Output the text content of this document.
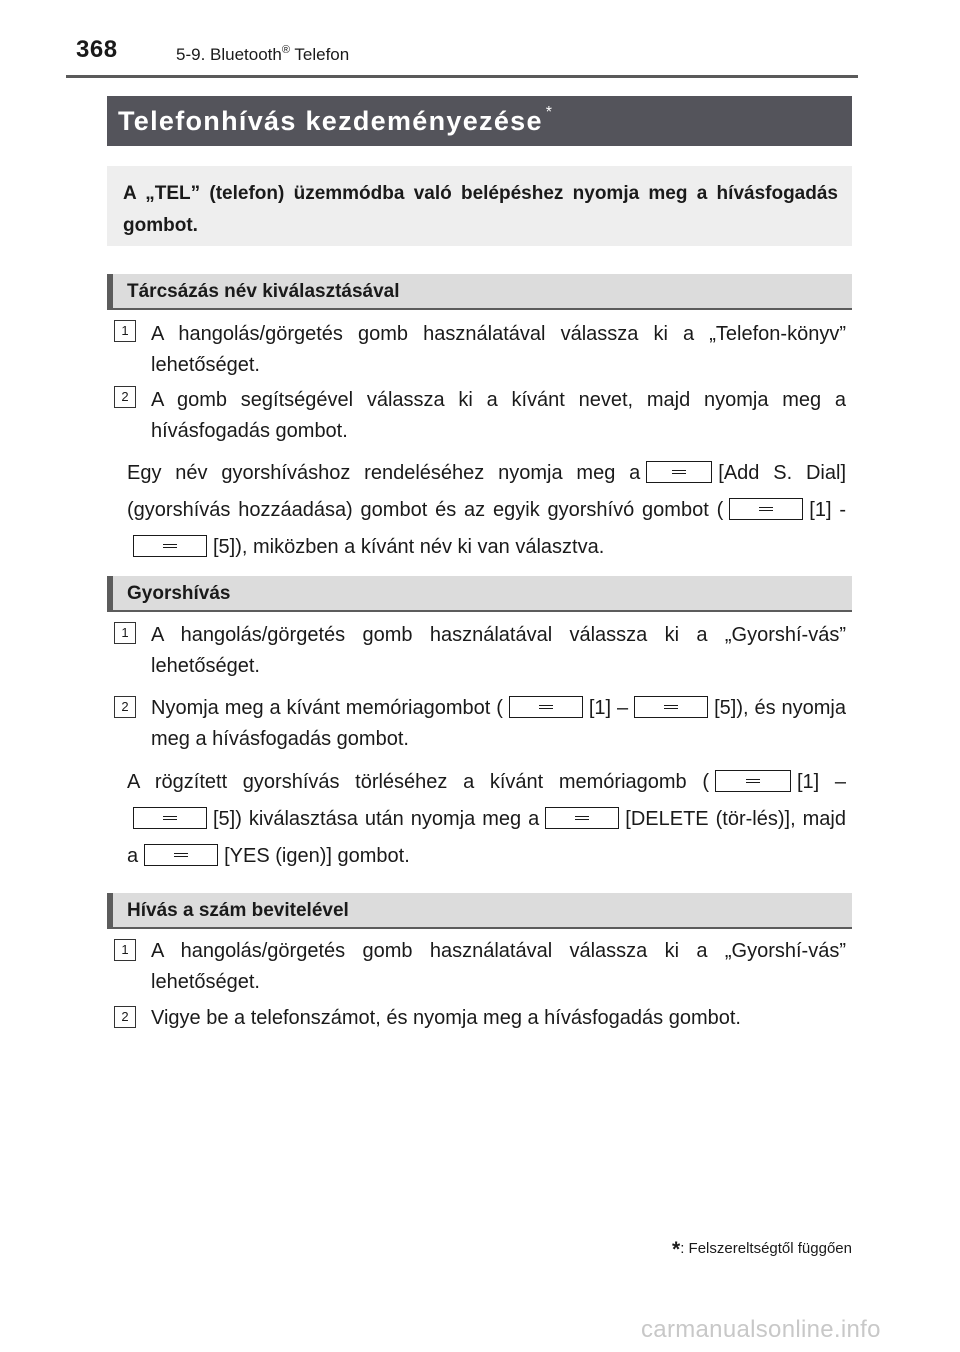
368	5-9. Bluetooth® Telefon
Telefonhívás kezdeményezése *
A „TEL” (telefon) üzemmódba való belépéshez nyomja meg a hívásfogadás gombot.
Tárcsázás név kiválasztásával
1	A hangolás/görgetés gomb használatával válassza ki a „Telefon-könyv” lehetőséget.
2	A gomb segítségével válassza ki a kívánt nevet, majd nyomja meg a hívásfogadás gombot.
Egy név gyorshíváshoz rendeléséhez nyomja meg a	[Add S. Dial] (gyorshívás hozzáadása) gombot és az egyik gyorshívó gombot (	[1] -[5]), miközben a kívánt név ki van választva.
Gyorshívás
1	A hangolás/görgetés gomb használatával válassza ki a „Gyorshí-vás” lehetőséget.
2	Nyomja meg a kívánt memóriagombot (	[1] –	[5]), és nyomja meg a hívásfogadás gombot.
A rögzített gyorshívás törléséhez a kívánt memóriagomb (	[1] –[5]) kiválasztása után nyomja meg a	[DELETE (tör-lés)], majd a	[YES (igen)] gombot.
Hívás a szám bevitelével
1	A hangolás/görgetés gomb használatával válassza ki a „Gyorshí-vás” lehetőséget.
2	Vigye be a telefonszámot, és nyomja meg a hívásfogadás gombot.
*: Felszereltségtől függően
carmanualsonline.info
